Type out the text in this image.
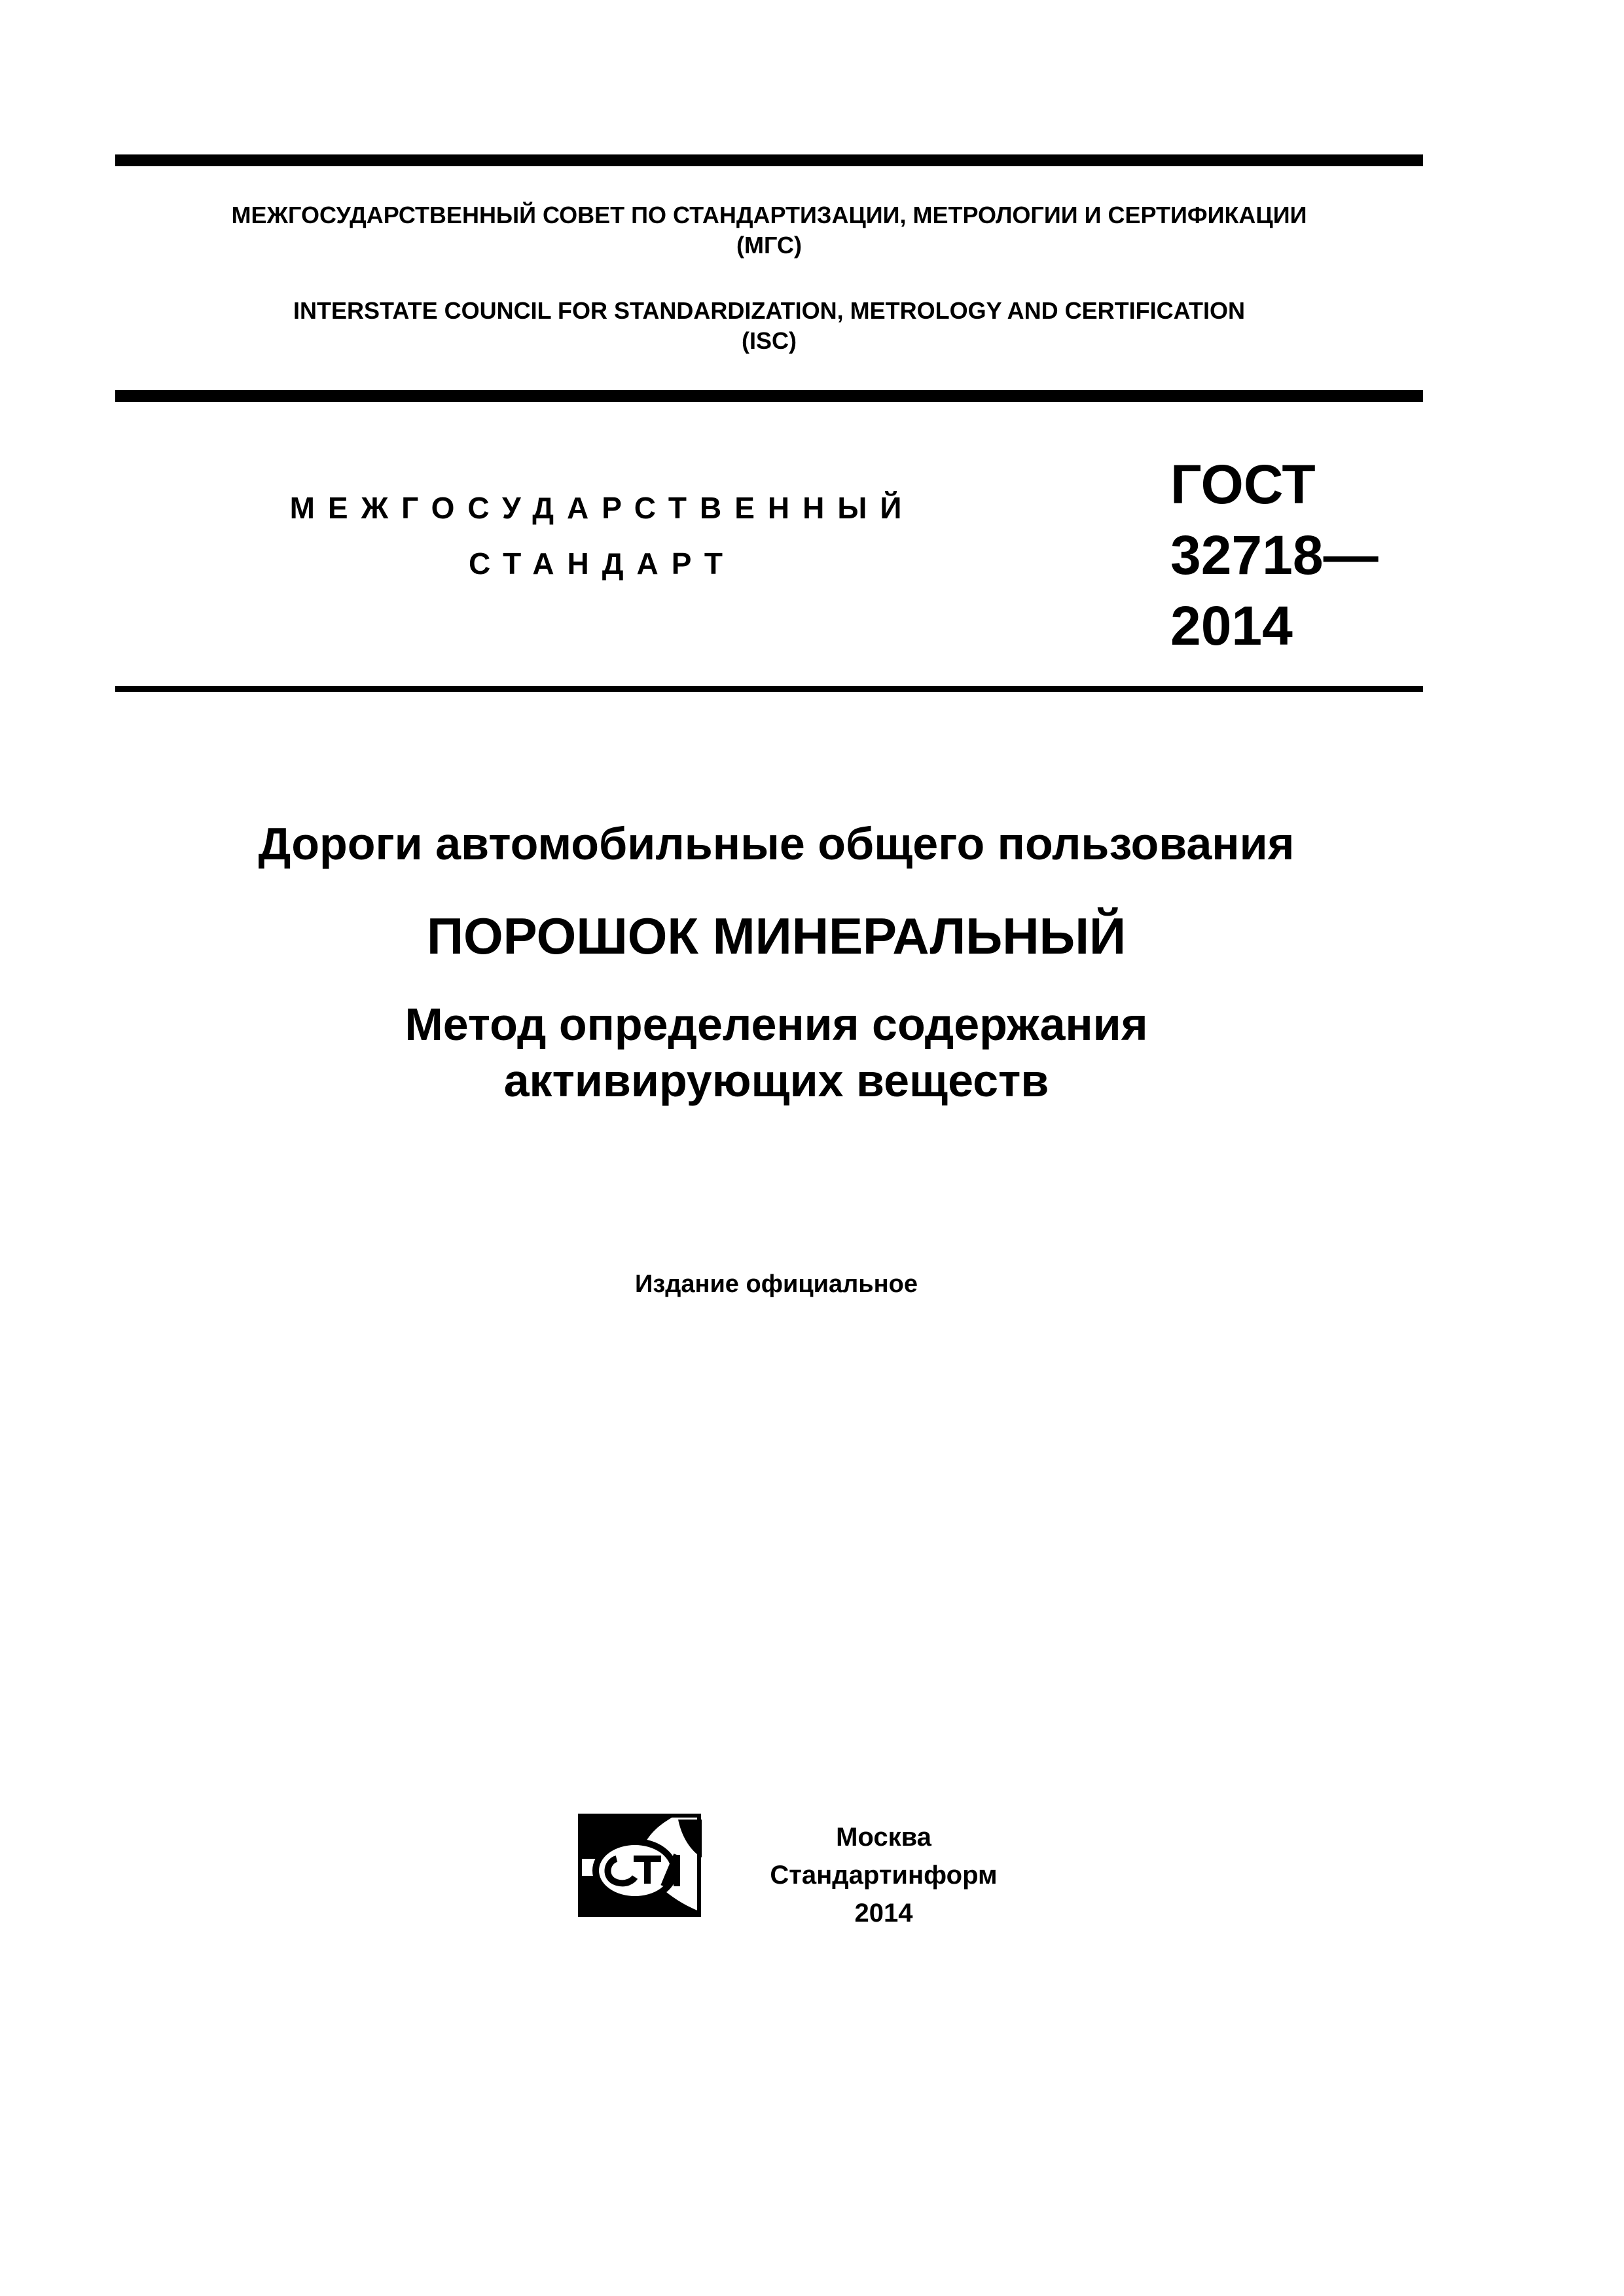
МЕЖГОСУДАРСТВЕННЫЙ СОВЕТ ПО СТАНДАРТИЗАЦИИ, МЕТРОЛОГИИ И СЕРТИФИКАЦИИ
(МГС)
INTERSTATE COUNCIL FOR STANDARDIZATION, METROLOGY AND CERTIFICATION
(ISC)
МЕЖГОСУДАРСТВЕННЫЙ
СТАНДАРТ
ГОСТ
32718—
2014
Дороги автомобильные общего пользования
ПОРОШОК МИНЕРАЛЬНЫЙ
Метод определения содержания
активирующих веществ
Издание официальное
Москва
Стандартинформ
2014
